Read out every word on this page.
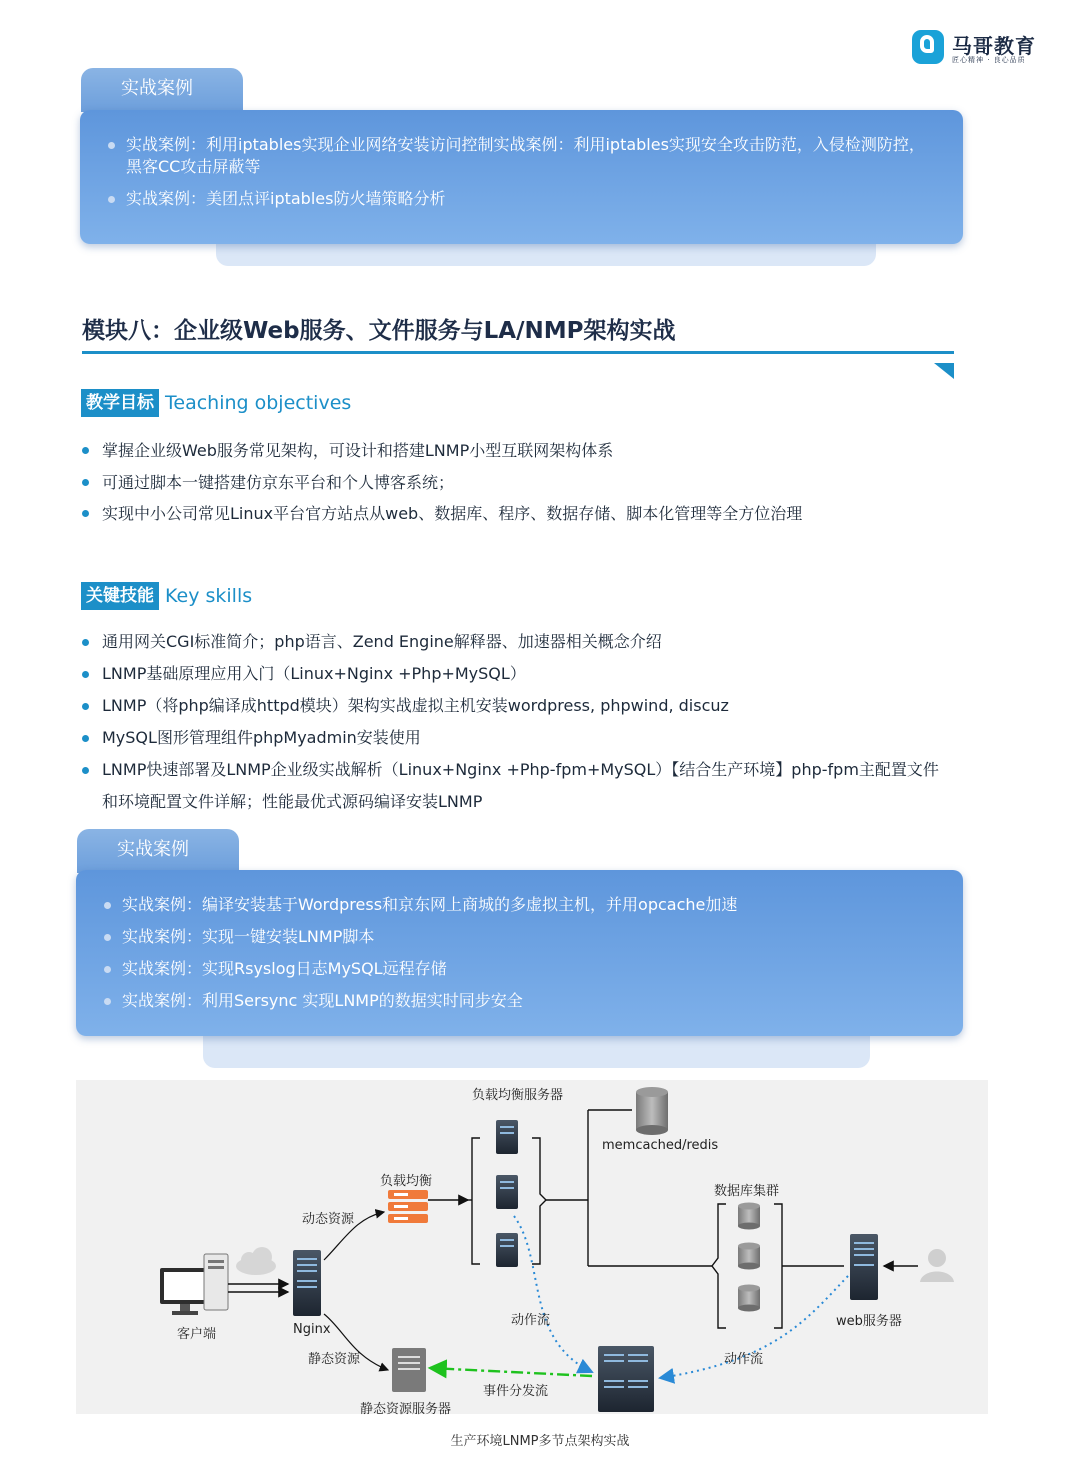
马哥教育
匠心精神 · 良心品质
实战案例
实战案例：利用iptables实现企业网络安装访问控制实战案例：利用iptables实现安全攻击防范，入侵检测防控，黑客CC攻击屏蔽等
实战案例：美团点评iptables防火墙策略分析
模块八：企业级Web服务、文件服务与LA/NMP架构实战
教学目标 Teaching objectives
掌握企业级Web服务常见架构，可设计和搭建LNMP小型互联网架构体系
可通过脚本一键搭建仿京东平台和个人博客系统；
实现中小公司常见Linux平台官方站点从web、数据库、程序、数据存储、脚本化管理等全方位治理
关键技能 Key skills
通用网关CGI标准简介；php语言、Zend Engine解释器、加速器相关概念介绍
LNMP基础原理应用入门（Linux+Nginx +Php+MySQL）
LNMP（将php编译成httpd模块）架构实战虚拟主机安装wordpress, phpwind, discuz
MySQL图形管理组件phpMyadmin安装使用
LNMP快速部署及LNMP企业级实战解析（Linux+Nginx +Php-fpm+MySQL）【结合生产环境】php-fpm主配置文件和环境配置文件详解；性能最优式源码编译安装LNMP
实战案例
实战案例：编译安装基于Wordpress和京东网上商城的多虚拟主机，并用opcache加速
实战案例：实现一键安装LNMP脚本
实战案例：实现Rsyslog日志MySQL远程存储
实战案例：利用Sersync 实现LNMP的数据实时同步安全
负载均衡服务器
memcached/redis
数据库集群
负载均衡
动态资源
客户端	Nginx
静态资源
静态资源服务器
动作流
动作流
事件分发流
web服务器
生产环境LNMP多节点架构实战
